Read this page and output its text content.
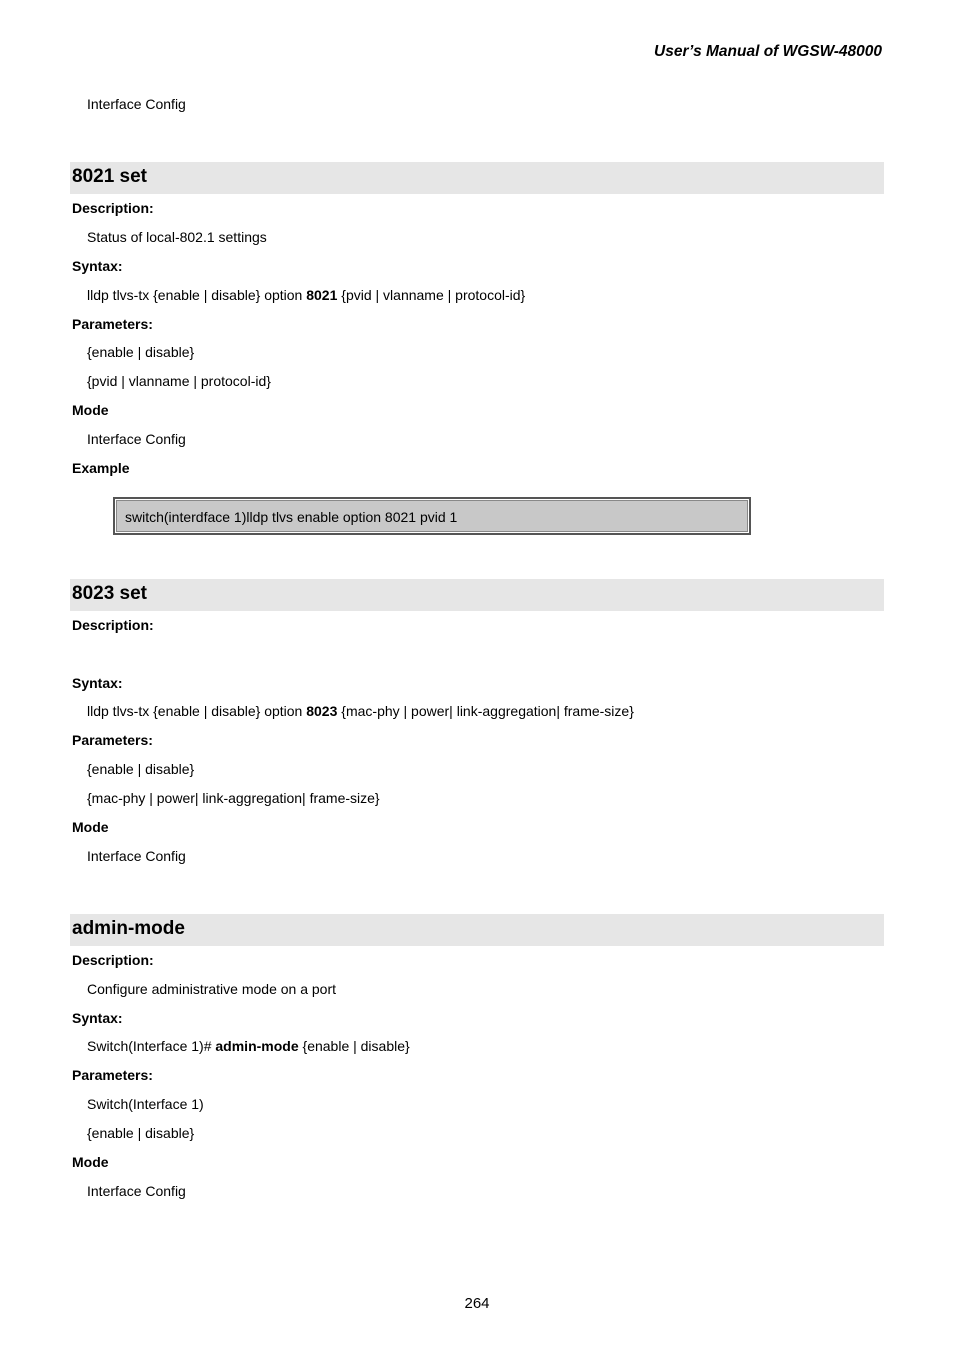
User’s Manual of WGSW-48000
Interface Config
8021 set
Description:
Status of local-802.1 settings
Syntax:
lldp tlvs-tx {enable | disable} option 8021 {pvid | vlanname | protocol-id}
Parameters:
{enable | disable}
{pvid | vlanname | protocol-id}
Mode
Interface Config
Example
switch(interdface 1)lldp tlvs enable option 8021 pvid 1
8023 set
Description:
Syntax:
lldp tlvs-tx {enable | disable} option 8023 {mac-phy | power| link-aggregation| frame-size}
Parameters:
{enable | disable}
{mac-phy | power| link-aggregation| frame-size}
Mode
Interface Config
admin-mode
Description:
Configure administrative mode on a port
Syntax:
Switch(Interface 1)# admin-mode {enable | disable}
Parameters:
Switch(Interface 1)
{enable | disable}
Mode
Interface Config
264
